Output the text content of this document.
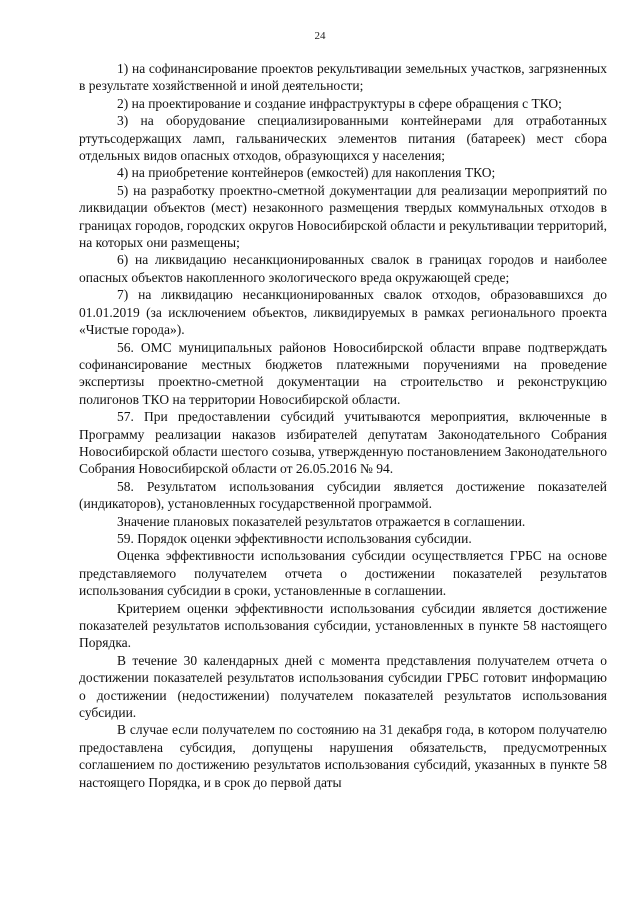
24

1) на софинансирование проектов рекультивации земельных участков, загрязненных в результате хозяйственной и иной деятельности;

2) на проектирование и создание инфраструктуры в сфере обращения с ТКО;

3) на оборудование специализированными контейнерами для отработанных ртутьсодержащих ламп, гальванических элементов питания (батареек) мест сбора отдельных видов опасных отходов, образующихся у населения;

4) на приобретение контейнеров (емкостей) для накопления ТКО;

5) на разработку проектно-сметной документации для реализации мероприятий по ликвидации объектов (мест) незаконного размещения твердых коммунальных отходов в границах городов, городских округов Новосибирской области и рекультивации территорий, на которых они размещены;

6) на ликвидацию несанкционированных свалок в границах городов и наиболее опасных объектов накопленного экологического вреда окружающей среде;

7) на ликвидацию несанкционированных свалок отходов, образовавшихся до 01.01.2019 (за исключением объектов, ликвидируемых в рамках регионального проекта «Чистые города»).

56. ОМС муниципальных районов Новосибирской области вправе подтверждать софинансирование местных бюджетов платежными поручениями на проведение экспертизы проектно-сметной документации на строительство и реконструкцию полигонов ТКО на территории Новосибирской области.

57. При предоставлении субсидий учитываются мероприятия, включенные в Программу реализации наказов избирателей депутатам Законодательного Собрания Новосибирской области шестого созыва, утвержденную постановлением Законодательного Собрания Новосибирской области от 26.05.2016 № 94.

58. Результатом использования субсидии является достижение показателей (индикаторов), установленных государственной программой.

Значение плановых показателей результатов отражается в соглашении.

59. Порядок оценки эффективности использования субсидии.

Оценка эффективности использования субсидии осуществляется ГРБС на основе представляемого получателем отчета о достижении показателей результатов использования субсидии в сроки, установленные в соглашении.

Критерием оценки эффективности использования субсидии является достижение показателей результатов использования субсидии, установленных в пункте 58 настоящего Порядка.

В течение 30 календарных дней с момента представления получателем отчета о достижении показателей результатов использования субсидии ГРБС готовит информацию о достижении (недостижении) получателем показателей результатов использования субсидии.

В случае если получателем по состоянию на 31 декабря года, в котором получателю предоставлена субсидия, допущены нарушения обязательств, предусмотренных соглашением по достижению результатов использования субсидий, указанных в пункте 58 настоящего Порядка, и в срок до первой даты
